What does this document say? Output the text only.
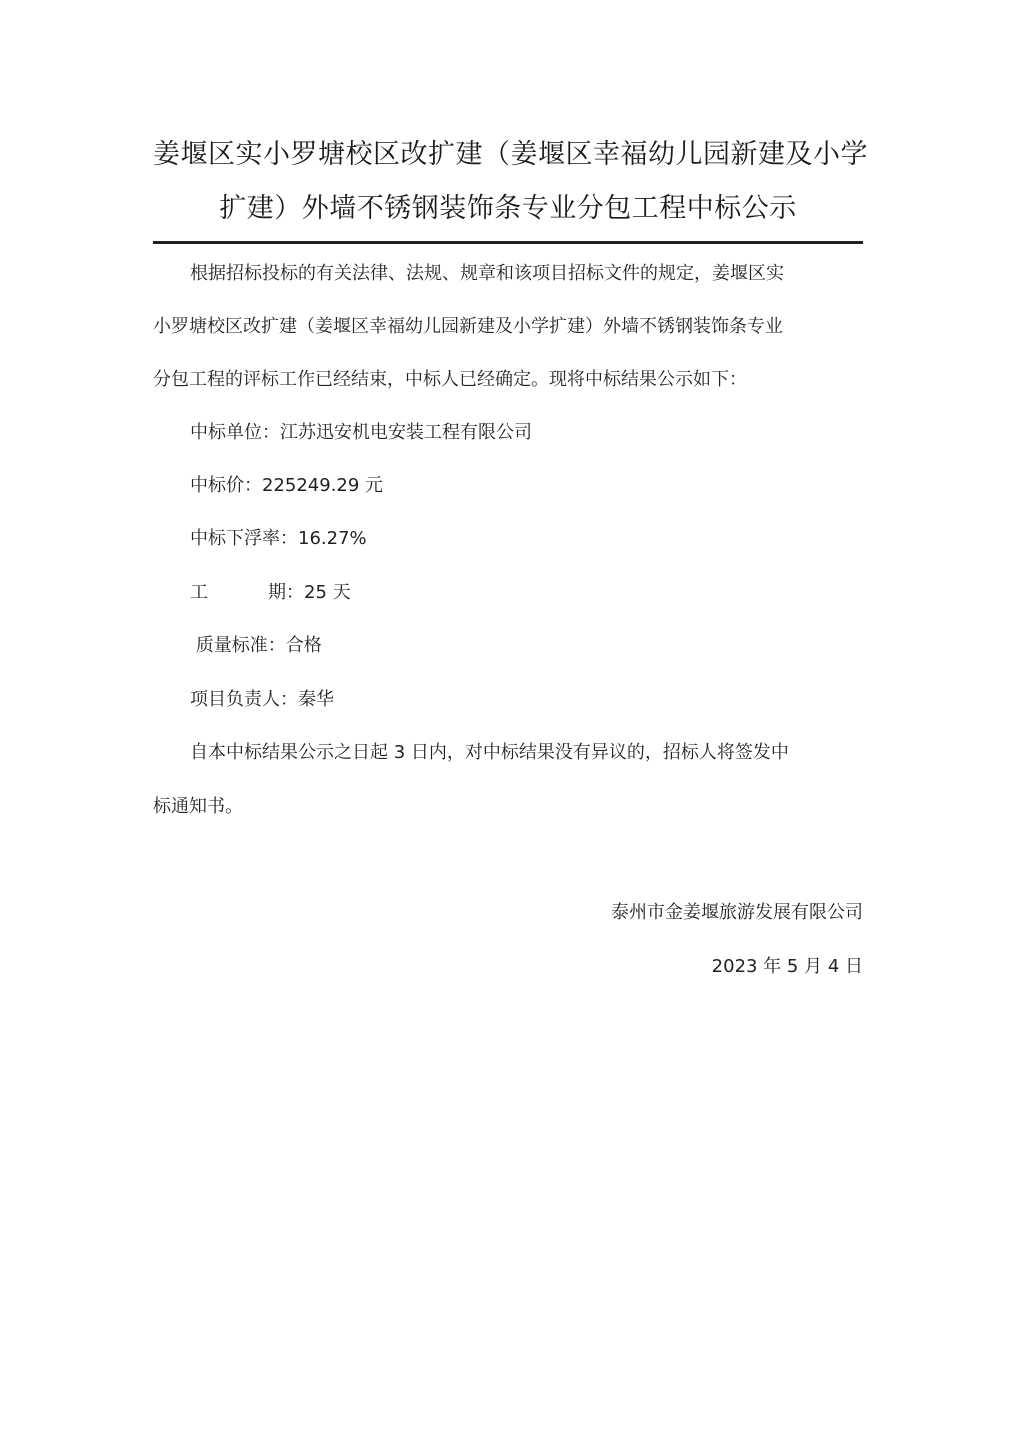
姜堰区实小罗塘校区改扩建（姜堰区幸福幼儿园新建及小学
扩建）外墙不锈钢装饰条专业分包工程中标公示
根据招标投标的有关法律、法规、规章和该项目招标文件的规定，姜堰区实
小罗塘校区改扩建（姜堰区幸福幼儿园新建及小学扩建）外墙不锈钢装饰条专业
分包工程的评标工作已经结束，中标人已经确定。现将中标结果公示如下：
中标单位：江苏迅安机电安装工程有限公司
中标价：225249.29 元
中标下浮率：16.27%
工	期：25 天
质量标准：合格
项目负责人：秦华
自本中标结果公示之日起 3 日内，对中标结果没有异议的，招标人将签发中
标通知书。
泰州市金姜堰旅游发展有限公司
2023 年 5 月 4 日
